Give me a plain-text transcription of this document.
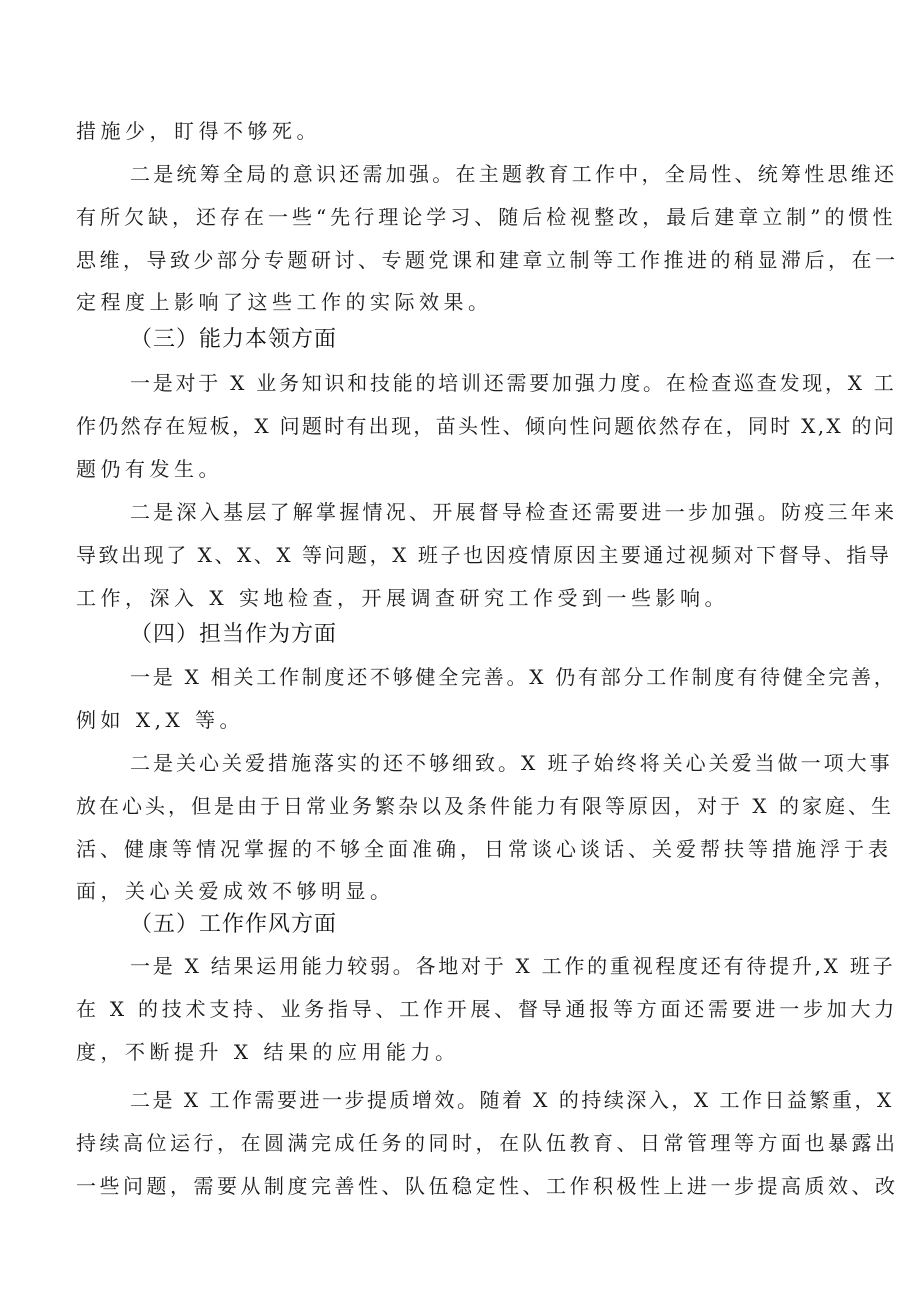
措施少，盯得不够死。
二是统筹全局的意识还需加强。在主题教育工作中，全局性、统筹性思维还
有所欠缺，还存在一些“先行理论学习、随后检视整改，最后建章立制”的惯性
思维，导致少部分专题研讨、专题党课和建章立制等工作推进的稍显滞后，在一
定程度上影响了这些工作的实际效果。
（三）能力本领方面
一是对于 X 业务知识和技能的培训还需要加强力度。在检查巡查发现，X 工
作仍然存在短板，X 问题时有出现，苗头性、倾向性问题依然存在，同时 X,X 的问
题仍有发生。
二是深入基层了解掌握情况、开展督导检查还需要进一步加强。防疫三年来
导致出现了 X、X、X 等问题，X 班子也因疫情原因主要通过视频对下督导、指导
工作，深入 X 实地检查，开展调查研究工作受到一些影响。
（四）担当作为方面
一是 X 相关工作制度还不够健全完善。X 仍有部分工作制度有待健全完善，
例如 X,X 等。
二是关心关爱措施落实的还不够细致。X 班子始终将关心关爱当做一项大事
放在心头，但是由于日常业务繁杂以及条件能力有限等原因，对于 X 的家庭、生
活、健康等情况掌握的不够全面准确，日常谈心谈话、关爱帮扶等措施浮于表
面，关心关爱成效不够明显。
（五）工作作风方面
一是 X 结果运用能力较弱。各地对于 X 工作的重视程度还有待提升,X 班子
在 X 的技术支持、业务指导、工作开展、督导通报等方面还需要进一步加大力
度，不断提升 X 结果的应用能力。
二是 X 工作需要进一步提质增效。随着 X 的持续深入，X 工作日益繁重，X
持续高位运行，在圆满完成任务的同时，在队伍教育、日常管理等方面也暴露出
一些问题，需要从制度完善性、队伍稳定性、工作积极性上进一步提高质效、改
